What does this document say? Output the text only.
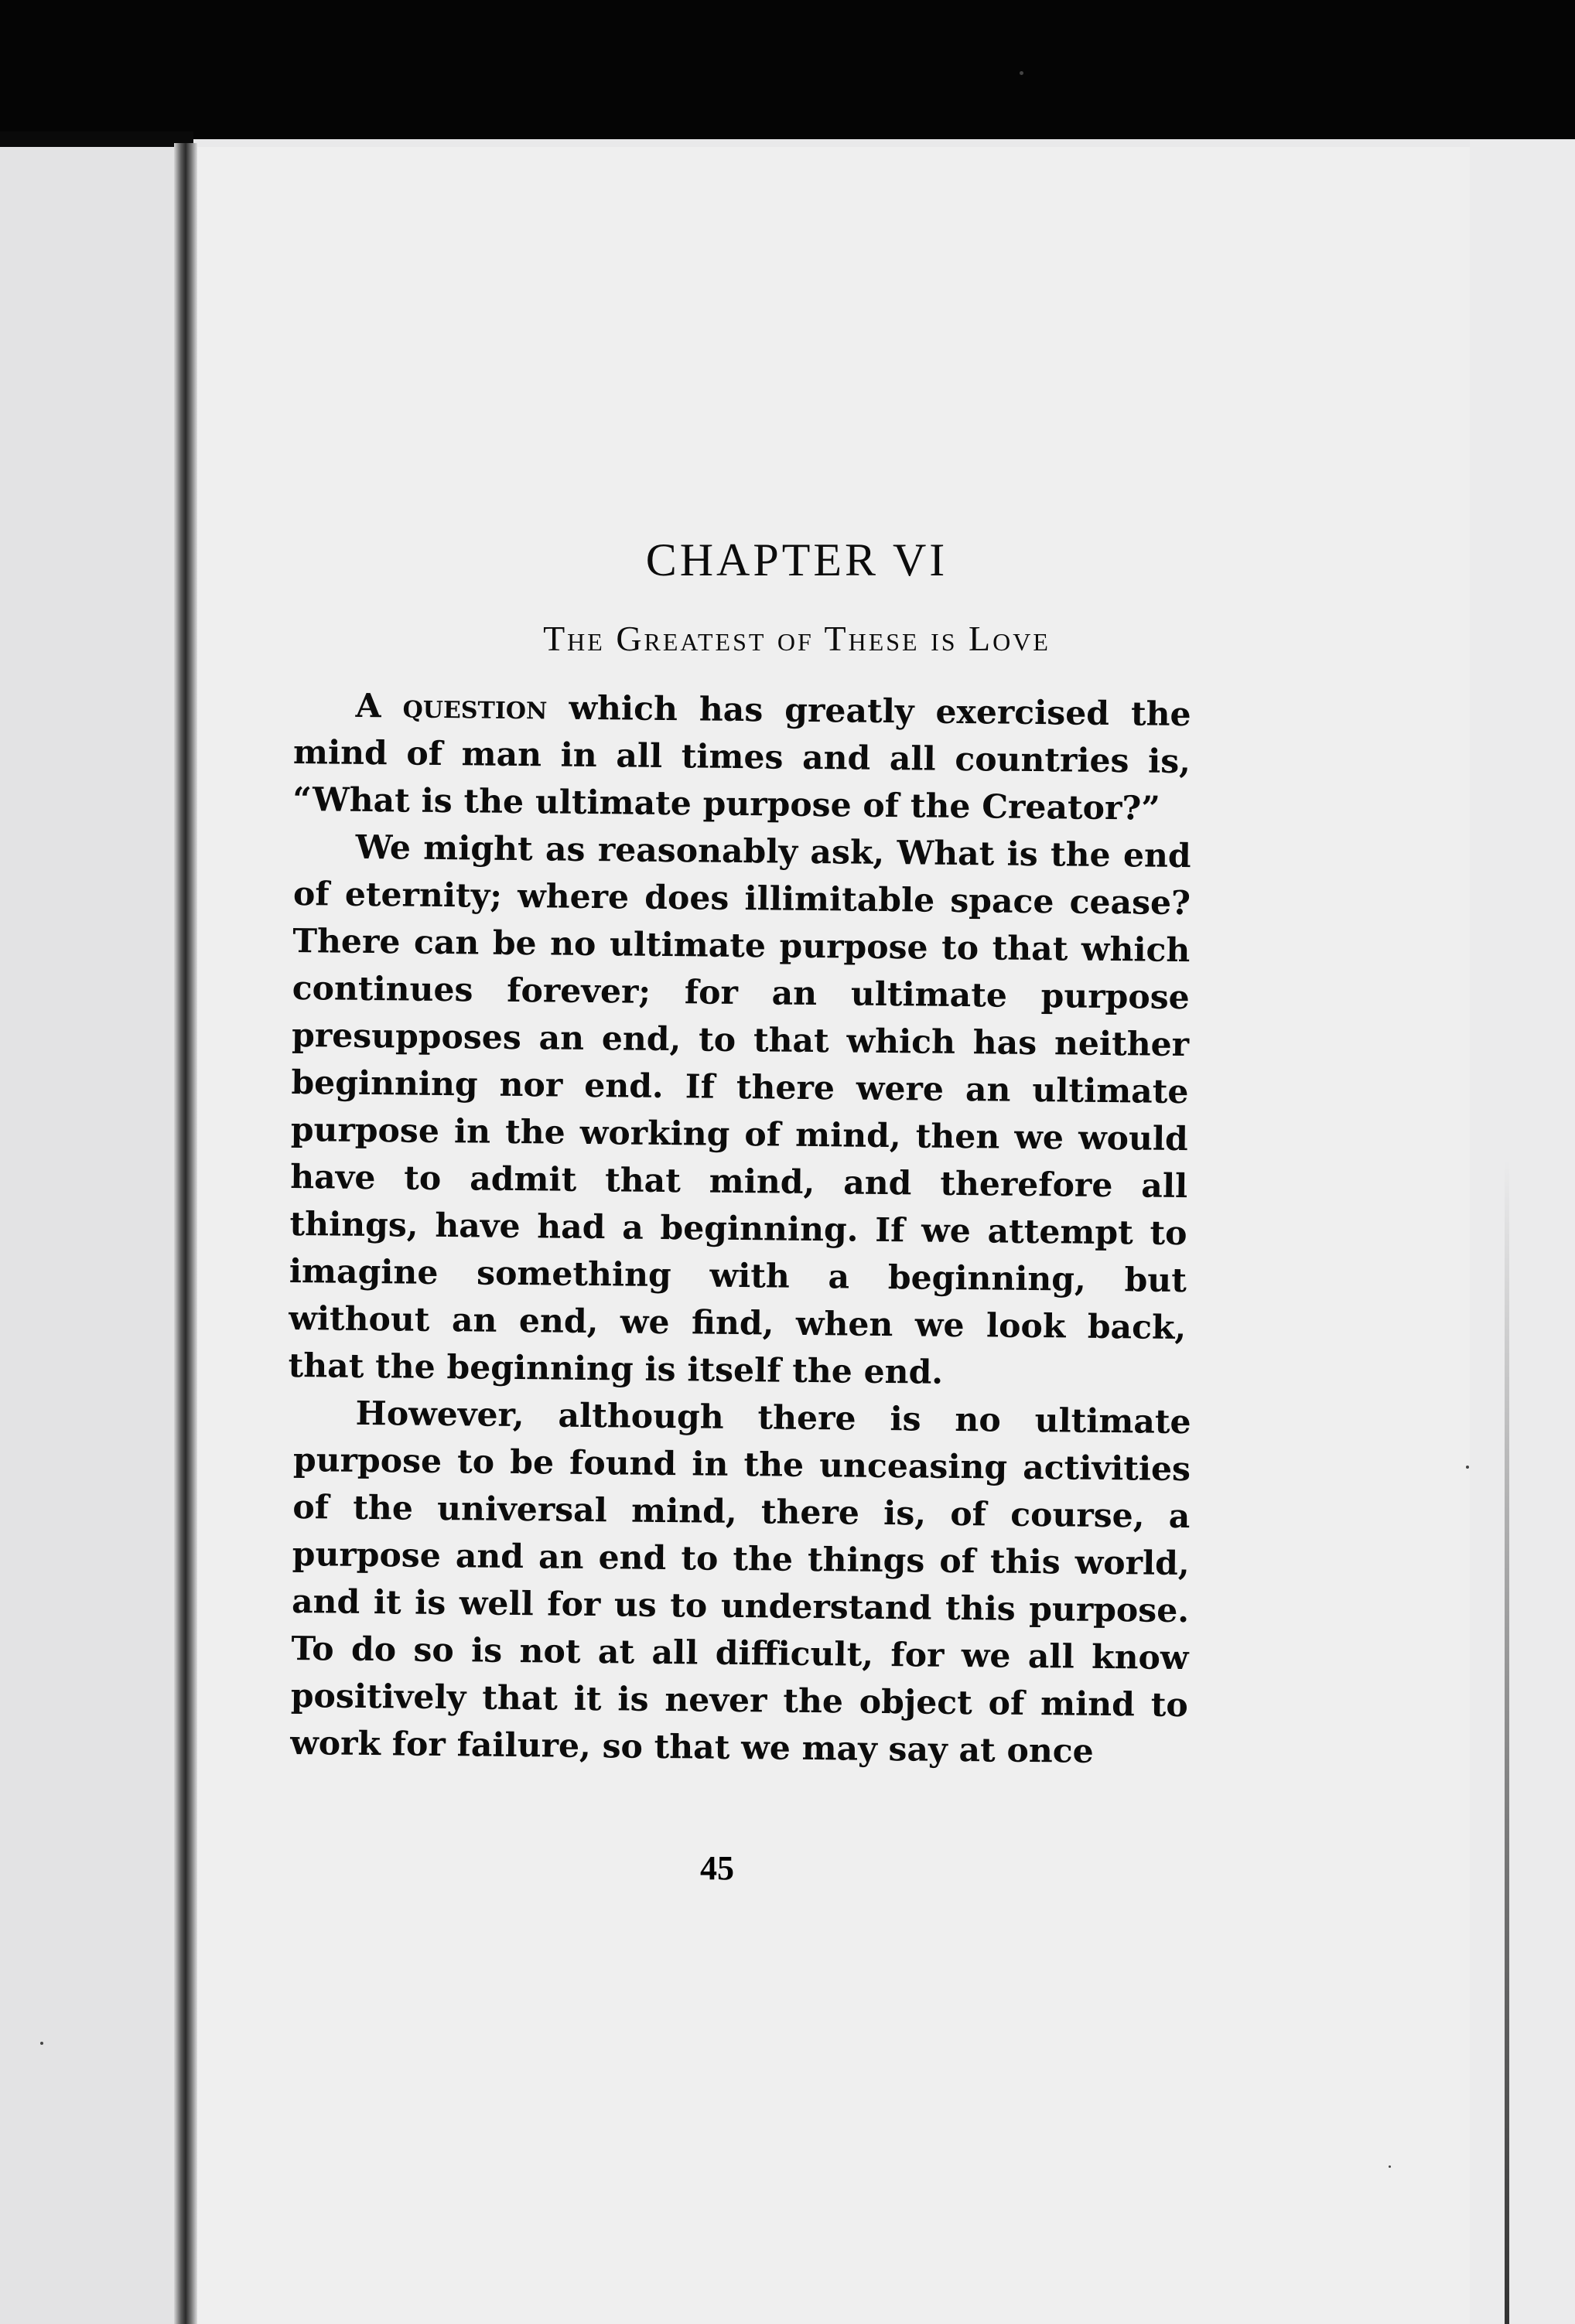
CHAPTER VI
The Greatest of These is Love

A question which has greatly exercised the mind of man in all times and all countries is, “What is the ultimate purpose of the Creator?”

We might as reasonably ask, What is the end of eternity; where does illimitable space cease? There can be no ultimate purpose to that which continues forever; for an ultimate purpose presupposes an end, to that which has neither beginning nor end. If there were an ultimate purpose in the working of mind, then we would have to admit that mind, and therefore all things, have had a beginning. If we attempt to imagine something with a beginning, but without an end, we find, when we look back, that the beginning is itself the end.

However, although there is no ultimate purpose to be found in the unceasing activities of the universal mind, there is, of course, a purpose and an end to the things of this world, and it is well for us to understand this purpose. To do so is not at all difficult, for we all know positively that it is never the object of mind to work for failure, so that we may say at once

45
